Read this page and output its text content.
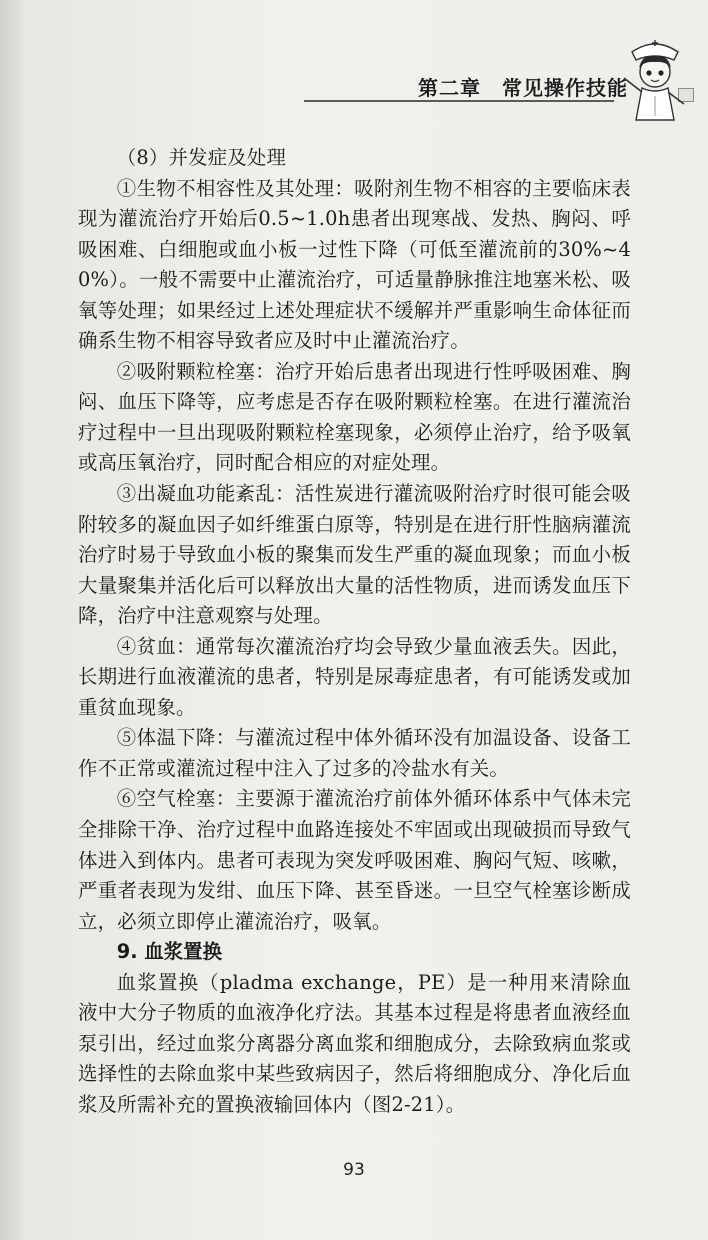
第二章　常见操作技能

（8）并发症及处理

①生物不相容性及其处理：吸附剂生物不相容的主要临床表现为灌流治疗开始后0.5~1.0h患者出现寒战、发热、胸闷、呼吸困难、白细胞或血小板一过性下降（可低至灌流前的30%~40%）。一般不需要中止灌流治疗，可适量静脉推注地塞米松、吸氧等处理；如果经过上述处理症状不缓解并严重影响生命体征而确系生物不相容导致者应及时中止灌流治疗。

②吸附颗粒栓塞：治疗开始后患者出现进行性呼吸困难、胸闷、血压下降等，应考虑是否存在吸附颗粒栓塞。在进行灌流治疗过程中一旦出现吸附颗粒栓塞现象，必须停止治疗，给予吸氧或高压氧治疗，同时配合相应的对症处理。

③出凝血功能紊乱：活性炭进行灌流吸附治疗时很可能会吸附较多的凝血因子如纤维蛋白原等，特别是在进行肝性脑病灌流治疗时易于导致血小板的聚集而发生严重的凝血现象；而血小板大量聚集并活化后可以释放出大量的活性物质，进而诱发血压下降，治疗中注意观察与处理。

④贫血：通常每次灌流治疗均会导致少量血液丢失。因此，长期进行血液灌流的患者，特别是尿毒症患者，有可能诱发或加重贫血现象。

⑤体温下降：与灌流过程中体外循环没有加温设备、设备工作不正常或灌流过程中注入了过多的冷盐水有关。

⑥空气栓塞：主要源于灌流治疗前体外循环体系中气体未完全排除干净、治疗过程中血路连接处不牢固或出现破损而导致气体进入到体内。患者可表现为突发呼吸困难、胸闷气短、咳嗽，严重者表现为发绀、血压下降、甚至昏迷。一旦空气栓塞诊断成立，必须立即停止灌流治疗，吸氧。

9. 血浆置换

血浆置换（pladma exchange，PE）是一种用来清除血液中大分子物质的血液净化疗法。其基本过程是将患者血液经血泵引出，经过血浆分离器分离血浆和细胞成分，去除致病血浆或选择性的去除血浆中某些致病因子，然后将细胞成分、净化后血浆及所需补充的置换液输回体内（图2-21）。

93
